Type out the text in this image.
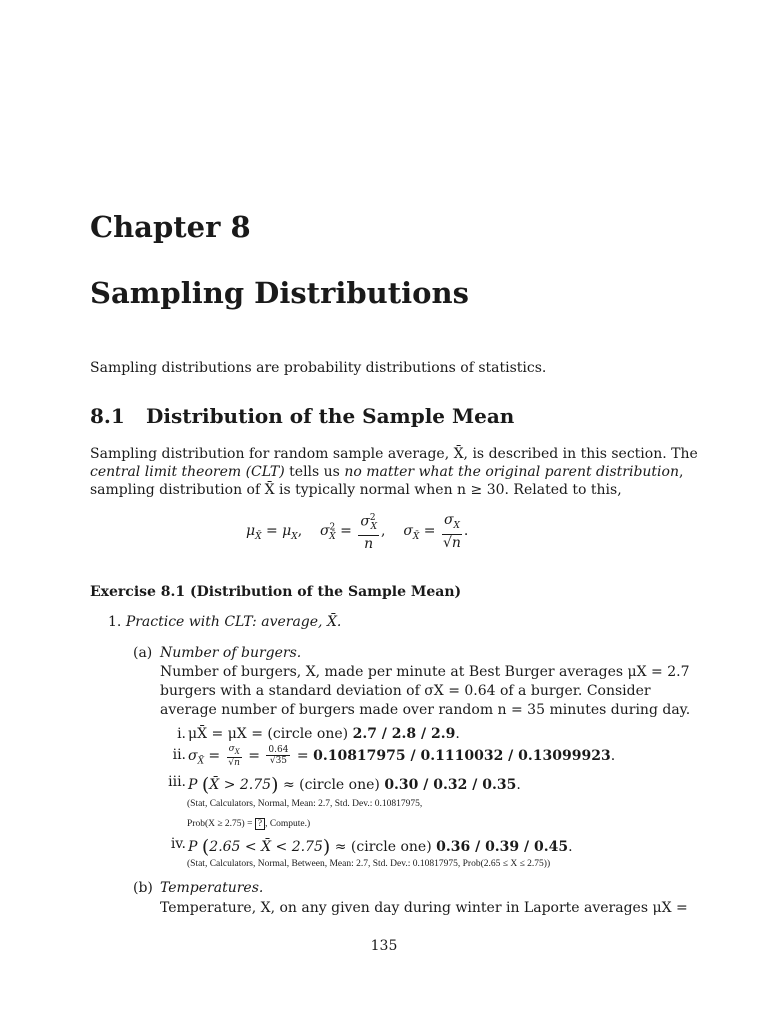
Chapter 8
Sampling Distributions
Sampling distributions are probability distributions of statistics.
8.1 Distribution of the Sample Mean
Sampling distribution for random sample average, X̄, is described in this section. The
central limit theorem (CLT) tells us no matter what the original parent distribution,
sampling distribution of X̄ is typically normal when n ≥ 30. Related to this,
$\mu_{X̄} = \mu_X$,    $\sigma^2_{X̄} = \frac{\sigma^2_X}{n}$ ,    $\sigma_{X̄} = \frac{\sigma_X}{√n}$ .
Exercise 8.1 (Distribution of the Sample Mean)
1. Practice with CLT: average, X̄.
(a) Number of burgers.
Number of burgers, X, made per minute at Best Burger averages μX = 2.7
burgers with a standard deviation of σX = 0.64 of a burger. Consider
average number of burgers made over random n = 35 minutes during day.
i. μX̄ = μX = (circle one) 2.7 / 2.8 / 2.9.
ii. $\sigma_{X̄} = \frac{\sigma_X}{√n} = \frac{0.64}{√35} = 0.10817975 / 0.1110032 / 0.13099923$.
iii. P (X̄ > 2.75) ≈ (circle one) 0.30 / 0.32 / 0.35.
(Stat, Calculators, Normal, Mean: 2.7, Std. Dev.: 0.10817975,
Prob(X ≥ 2.75) = ? , Compute.)
iv. P (2.65 < X̄ < 2.75) ≈ (circle one) 0.36 / 0.39 / 0.45.
(Stat, Calculators, Normal, Between, Mean: 2.7, Std. Dev.: 0.10817975, Prob(2.65 ≤ X ≤ 2.75))
(b) Temperatures.
Temperature, X, on any given day during winter in Laporte averages μX =
135
